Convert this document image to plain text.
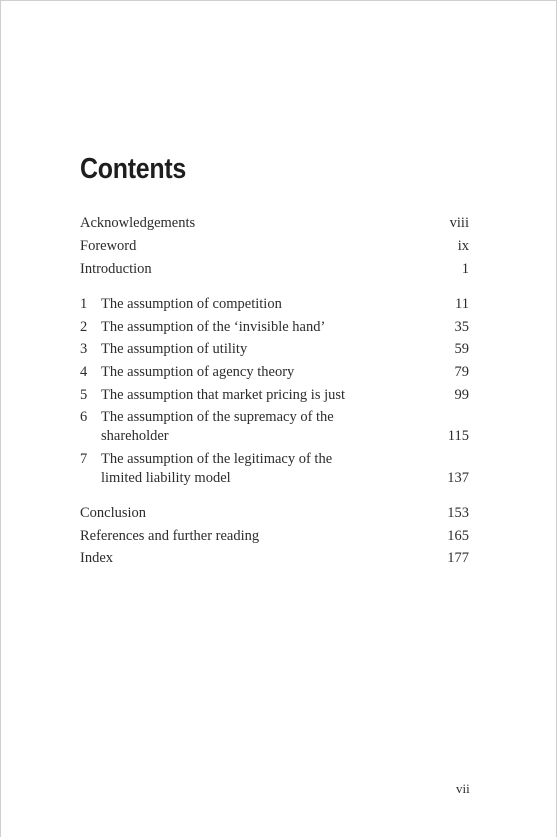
Contents
Acknowledgements	viii
Foreword	ix
Introduction	1
1 The assumption of competition	11
2 The assumption of the ‘invisible hand’	35
3 The assumption of utility	59
4 The assumption of agency theory	79
5 The assumption that market pricing is just	99
6 The assumption of the supremacy of the
shareholder	115
7 The assumption of the legitimacy of the
limited liability model	137
Conclusion	153
References and further reading	165
Index	177
vii
